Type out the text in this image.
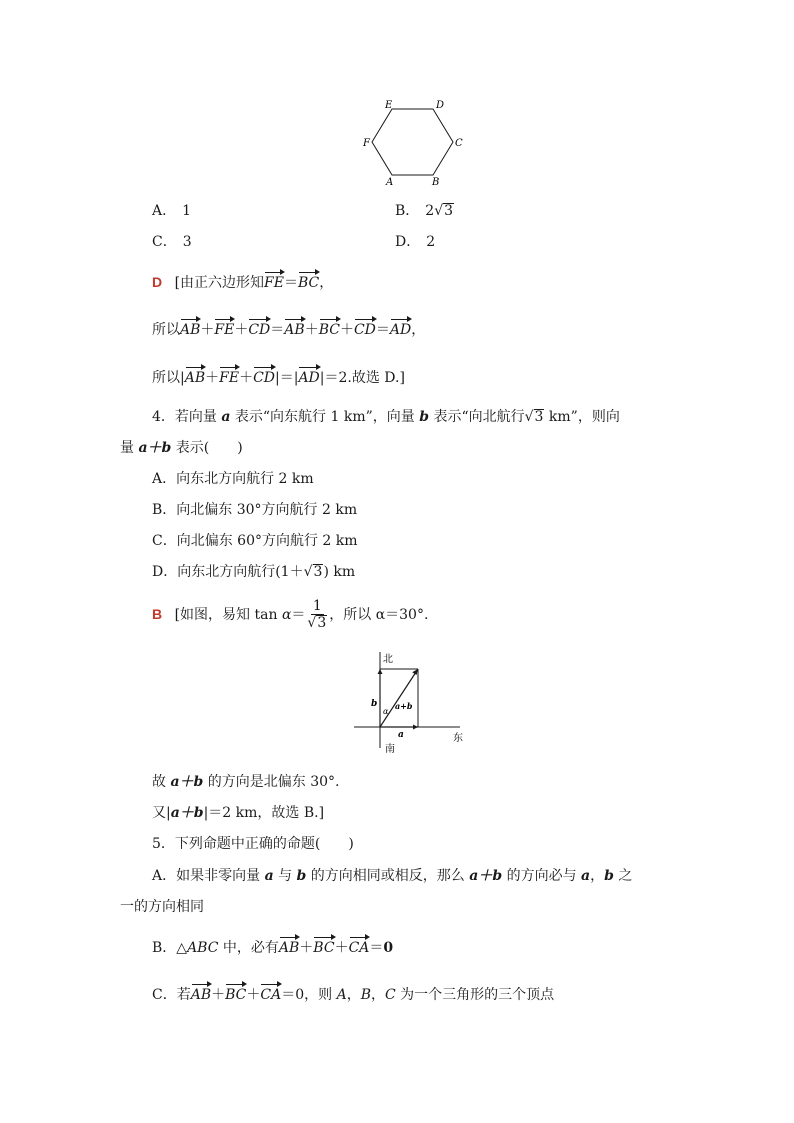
E	D
F	C
A	B
A． 1	B． 2√3
C． 3	D． 2
D [由正六边形知FE＝BC，
所以AB＋FE＋CD＝AB＋BC＋CD＝AD，
所以|AB＋FE＋CD|＝|AD|＝2.故选 D.]
4．若向量 a 表示“向东航行 1 km”，向量 b 表示“向北航行√3 km”，则向
量 a＋b 表示(　　)
A．向东北方向航行 2 km
B．向北偏东 30°方向航行 2 km
C．向北偏东 60°方向航行 2 km
D．向东北方向航行(1＋√3) km
B [如图，易知 $\tan \alpha= \frac{1}{√3}$ ，所以 α＝30°.
北
南
东
b
α
a+b
a
故 a＋b 的方向是北偏东 30°.
又|a＋b|＝2 km，故选 B.]
5．下列命题中正确的命题(　　)
A．如果非零向量 a 与 b 的方向相同或相反，那么 a＋b 的方向必与 a，b 之
一的方向相同
B．△ABC 中，必有AB＋BC＋CA＝0
C．若AB＋BC＋CA＝0，则 A，B，C 为一个三角形的三个顶点
